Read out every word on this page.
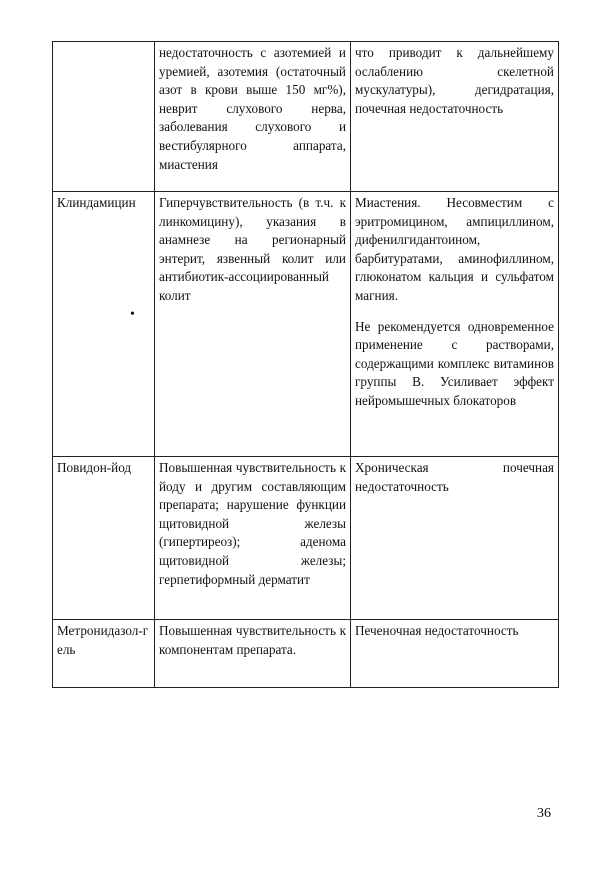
	недостаточность с азотемией и уремией, азотемия (остаточный азот в крови выше 150 мг%), неврит слухового нерва, заболевания слухового и вестибулярного аппарата, миастения	что приводит к дальнейшему ослаблению скелетной мускулатуры), дегидратация, почечная недостаточность

Клиндамицин	Гиперчувствительность (в т.ч. к линкомицину), указания в анамнезе на регионарный энтерит, язвенный колит или антибиотик-ассоциированный колит	Миастения. Несовместим с эритромицином, ампициллином, дифенилгидантоином, барбитуратами, аминофиллином, глюконатом кальция и сульфатом магния.
Не рекомендуется одновременное применение с растворами, содержащими комплекс витаминов группы В. Усиливает эффект нейромышечных блокаторов

Повидон-йод	Повышенная чувствительность к йоду и другим составляющим препарата; нарушение функции щитовидной железы (гипертиреоз); аденома щитовидной железы; герпетиформный дерматит	Хроническая почечная недостаточность

Метронидазол-гель	Повышенная чувствительность к компонентам препарата.	Печеночная недостаточность
•
36
